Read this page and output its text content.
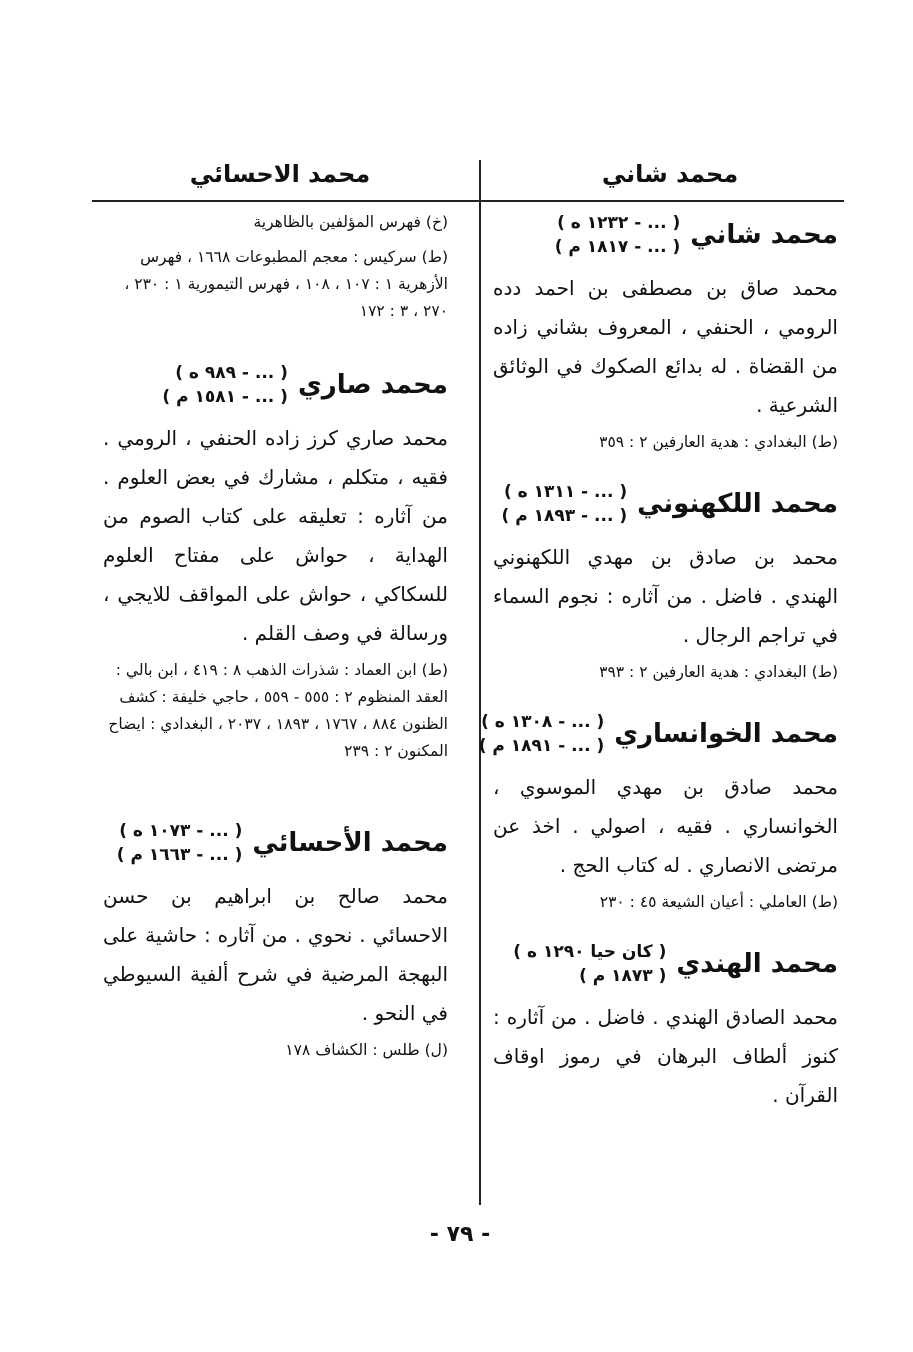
محمد شاني
محمد الاحسائي
محمد شاني
( ... - ١٢٣٢ ه )
( ... - ١٨١٧ م )
محمد صاق بن مصطفى بن احمد دده الرومي ، الحنفي ، المعروف بشاني زاده من القضاة . له بدائع الصكوك في الوثائق الشرعية .
(ط) البغدادي : هدية العارفين ٢ : ٣٥٩
محمد اللكهنوني
( ... - ١٣١١ ه )
( ... - ١٨٩٣ م )
محمد بن صادق بن مهدي اللكهنوني الهندي . فاضل . من آثاره : نجوم السماء في تراجم الرجال .
(ط) البغدادي : هدية العارفين ٢ : ٣٩٣
محمد الخوانساري
( ... - ١٣٠٨ ه )
( ... - ١٨٩١ م )
محمد صادق بن مهدي الموسوي ، الخوانساري . فقيه ، اصولي . اخذ عن مرتضى الانصاري . له كتاب الحج .
(ط) العاملي : أعيان الشيعة ٤٥ : ٢٣٠
محمد الهندي
( كان حيا ١٢٩٠ ه )
( ١٨٧٣ م )
محمد الصادق الهندي . فاضل . من آثاره : كنوز ألطاف البرهان في رموز اوقاف القرآن .
(خ) فهرس المؤلفين بالظاهرية
(ط) سركيس : معجم المطبوعات ١٦٦٨ ، فهرس الأزهرية ١ : ١٠٧ ، ١٠٨ ، فهرس التيمورية ١ : ٢٣٠ ، ٢٧٠ ، ٣ : ١٧٢
محمد صاري
( ... - ٩٨٩ ه )
( ... - ١٥٨١ م )
محمد صاري كرز زاده الحنفي ، الرومي . فقيه ، متكلم ، مشارك في بعض العلوم . من آثاره : تعليقه على كتاب الصوم من الهداية ، حواش على مفتاح العلوم للسكاكي ، حواش على المواقف للايجي ، ورسالة في وصف القلم .
(ط) ابن العماد : شذرات الذهب ٨ : ٤١٩ ، ابن بالي : العقد المنظوم ٢ : ٥٥٥ - ٥٥٩ ، حاجي خليفة : كشف الظنون ٨٨٤ ، ١٧٦٧ ، ١٨٩٣ ، ٢٠٣٧ ، البغدادي : ايضاح المكنون ٢ : ٢٣٩
محمد الأحسائي
( ... - ١٠٧٣ ه )
( ... - ١٦٦٣ م )
محمد صالح بن ابراهيم بن حسن الاحسائي . نحوي . من آثاره : حاشية على البهجة المرضية في شرح ألفية السيوطي في النحو .
(ل) طلس : الكشاف ١٧٨
- ٧٩ -
